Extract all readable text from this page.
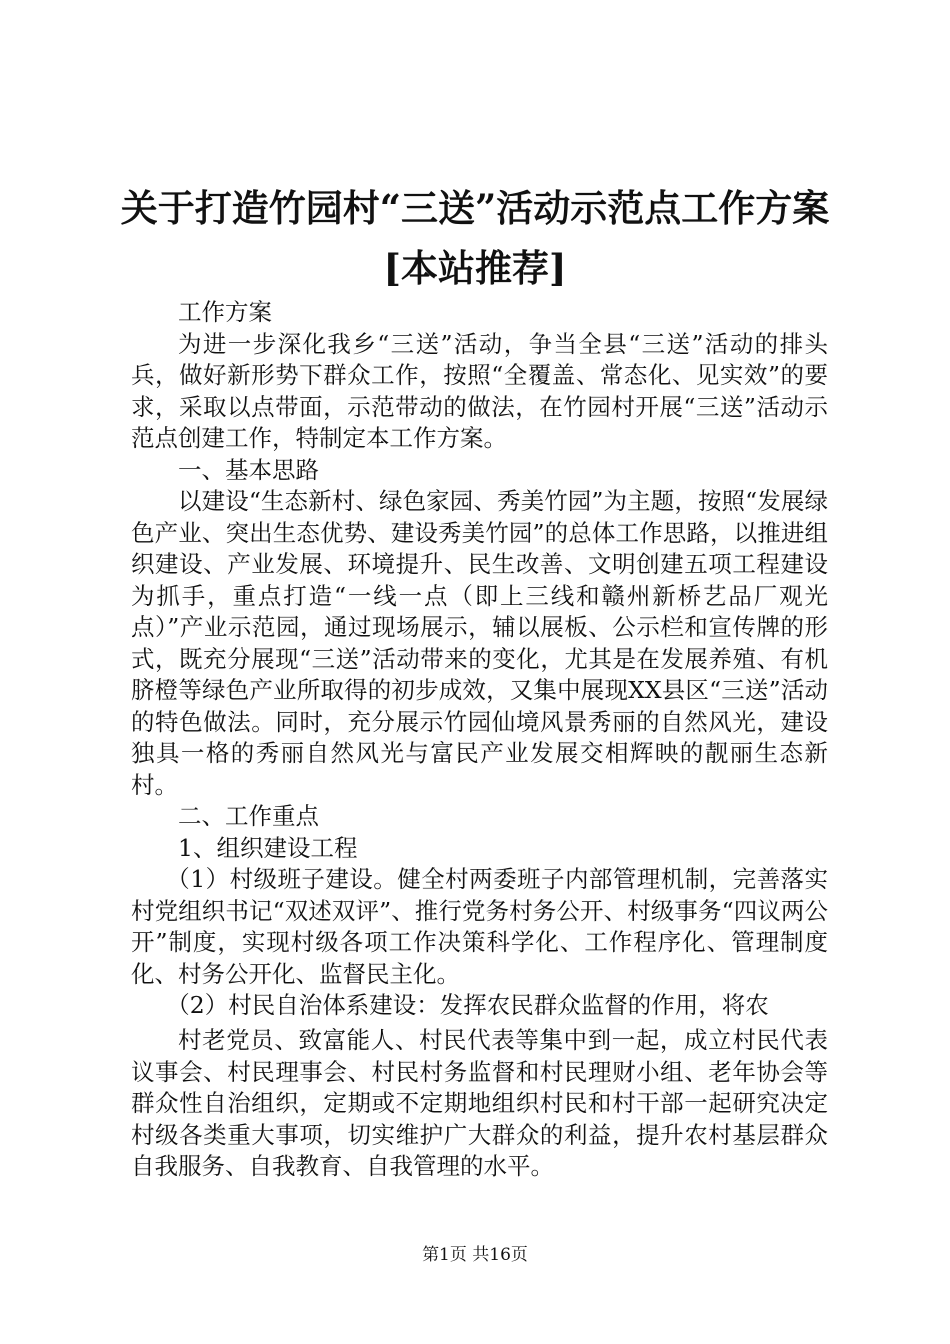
关于打造竹园村“三送”活动示范点工作方案
[本站推荐]

工作方案

为进一步深化我乡“三送”活动，争当全县“三送”活动的排头兵，做好新形势下群众工作，按照“全覆盖、常态化、见实效”的要求，采取以点带面，示范带动的做法，在竹园村开展“三送”活动示范点创建工作，特制定本工作方案。

一、基本思路

以建设“生态新村、绿色家园、秀美竹园”为主题，按照“发展绿色产业、突出生态优势、建设秀美竹园”的总体工作思路，以推进组织建设、产业发展、环境提升、民生改善、文明创建五项工程建设为抓手，重点打造“一线一点（即上三线和赣州新桥艺品厂观光点）”产业示范园，通过现场展示，辅以展板、公示栏和宣传牌的形式，既充分展现“三送”活动带来的变化，尤其是在发展养殖、有机脐橙等绿色产业所取得的初步成效，又集中展现XX县区“三送”活动的特色做法。同时，充分展示竹园仙境风景秀丽的自然风光，建设独具一格的秀丽自然风光与富民产业发展交相辉映的靓丽生态新村。

二、工作重点

1、组织建设工程

（1）村级班子建设。健全村两委班子内部管理机制，完善落实村党组织书记“双述双评”、推行党务村务公开、村级事务“四议两公开”制度，实现村级各项工作决策科学化、工作程序化、管理制度化、村务公开化、监督民主化。

（2）村民自治体系建设：发挥农民群众监督的作用，将农

村老党员、致富能人、村民代表等集中到一起，成立村民代表议事会、村民理事会、村民村务监督和村民理财小组、老年协会等群众性自治组织，定期或不定期地组织村民和村干部一起研究决定村级各类重大事项，切实维护广大群众的利益，提升农村基层群众自我服务、自我教育、自我管理的水平。

第1页 共16页
